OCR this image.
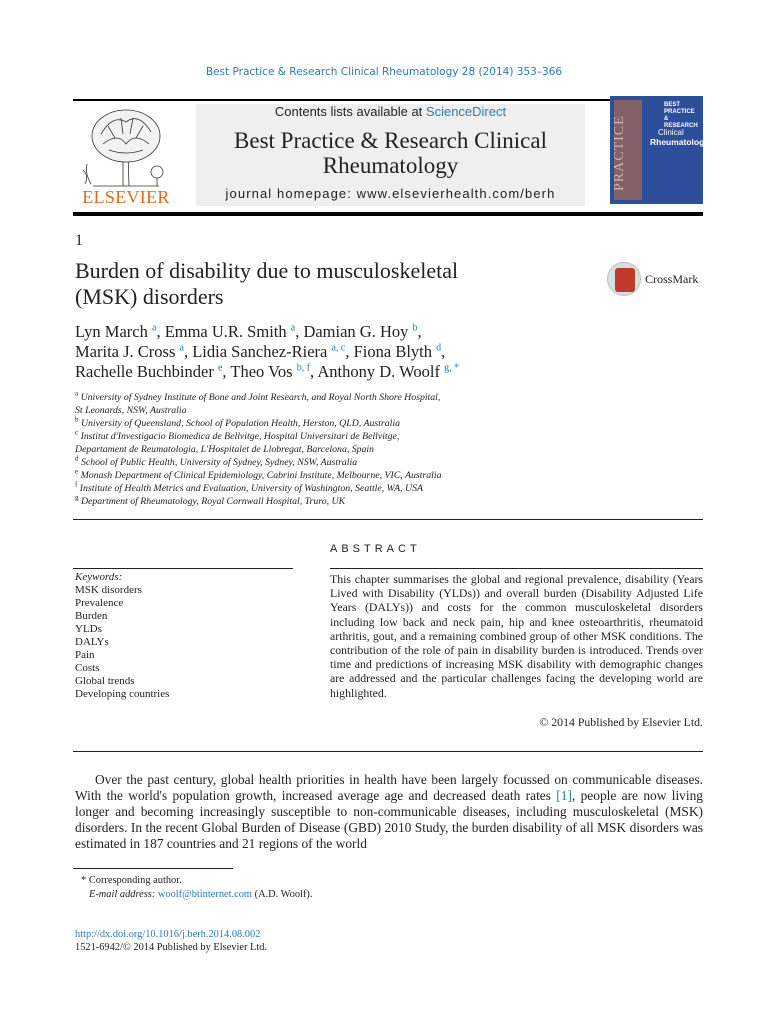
Best Practice & Research Clinical Rheumatology 28 (2014) 353–366
ELSEVIER
Contents lists available at ScienceDirect
Best Practice & Research Clinical
Rheumatology
journal homepage: www.elsevierhealth.com/berh
PRACTICE
BEST
PRACTICE
& RESEARCH
Clinical
Rheumatology
1
Burden of disability due to musculoskeletal
(MSK) disorders
CrossMark
Lyn March $^a$, Emma U.R. Smith $^a$, Damian G. Hoy $^b$,
Marita J. Cross $^a$, Lidia Sanchez-Riera $^{a, c}$, Fiona Blyth $^d$,
Rachelle Buchbinder $^e$, Theo Vos $^{b, f}$, Anthony D. Woolf $^{g, *}$
$^a$ University of Sydney Institute of Bone and Joint Research, and Royal North Shore Hospital,
St Leonards, NSW, Australia
$^b$ University of Queensland, School of Population Health, Herston, QLD, Australia
$^c$ Institut d'Investigacio Biomedica de Bellvitge, Hospital Universitari de Bellvitge,
Departament de Reumatologia, L'Hospitalet de Llobregat, Barcelona, Spain
$^d$ School of Public Health, University of Sydney, Sydney, NSW, Australia
$^e$ Monash Department of Clinical Epidemiology, Cabrini Institute, Melbourne, VIC, Australia
$^f$ Institute of Health Metrics and Evaluation, University of Washington, Seattle, WA, USA
$^g$ Department of Rheumatology, Royal Cornwall Hospital, Truro, UK
ABSTRACT
Keywords:
MSK disorders
Prevalence
Burden
YLDs
DALYs
Pain
Costs
Global trends
Developing countries
This chapter summarises the global and regional prevalence, disability (Years Lived with Disability (YLDs)) and overall burden (Disability Adjusted Life Years (DALYs)) and costs for the common musculoskeletal disorders including low back and neck pain, hip and knee osteoarthritis, rheumatoid arthritis, gout, and a remaining combined group of other MSK conditions. The contribution of the role of pain in disability burden is introduced. Trends over time and predictions of increasing MSK disability with demographic changes are addressed and the particular challenges facing the developing world are highlighted.
© 2014 Published by Elsevier Ltd.
Over the past century, global health priorities in health have been largely focussed on communicable diseases. With the world's population growth, increased average age and decreased death rates [1], people are now living longer and becoming increasingly susceptible to non-communicable diseases, including musculoskeletal (MSK) disorders. In the recent Global Burden of Disease (GBD) 2010 Study, the burden disability of all MSK disorders was estimated in 187 countries and 21 regions of the world
* Corresponding author.
E-mail address: woolf@btinternet.com (A.D. Woolf).
http://dx.doi.org/10.1016/j.berh.2014.08.002
1521-6942/© 2014 Published by Elsevier Ltd.
